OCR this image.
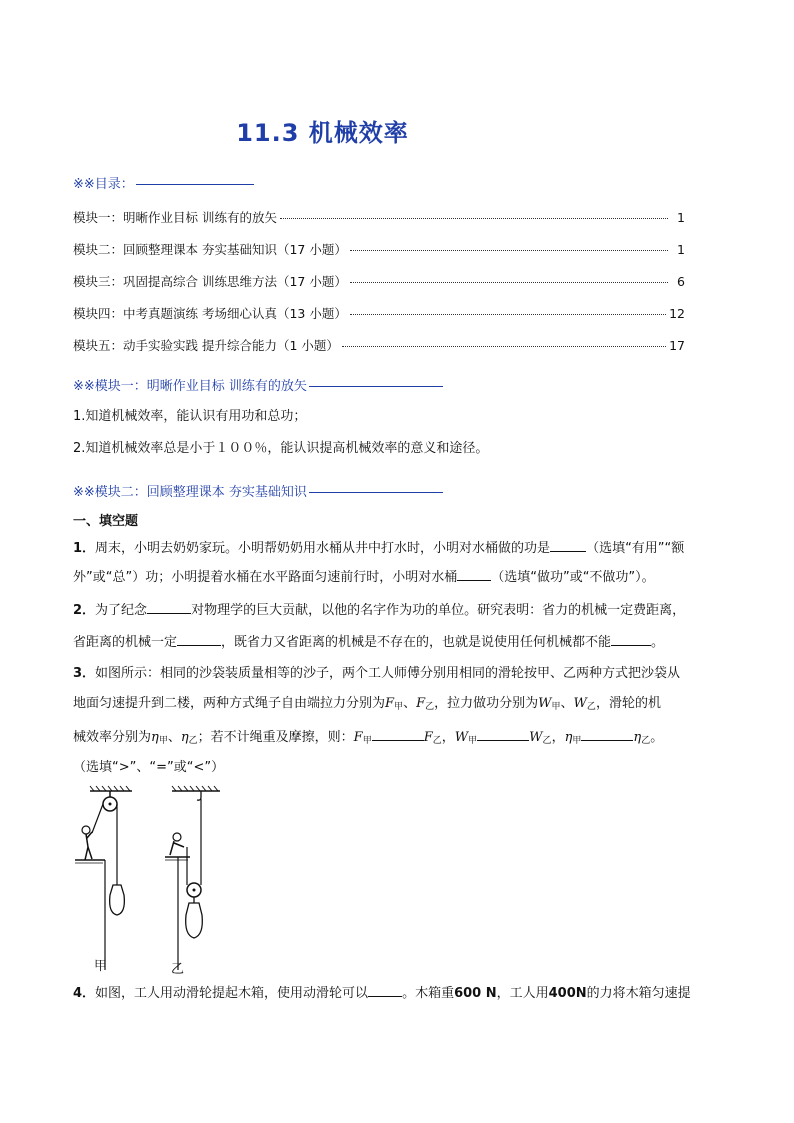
11.3 机械效率
※※目录：
模块一：明晰作业目标 训练有的放矢	1
模块二：回顾整理课本 夯实基础知识（17 小题）	1
模块三：巩固提高综合 训练思维方法（17 小题）	6
模块四：中考真题演练 考场细心认真（13 小题）	12
模块五：动手实验实践 提升综合能力（1 小题）	17
※※模块一：明晰作业目标 训练有的放矢
1.知道机械效率，能认识有用功和总功；
2.知道机械效率总是小于１００％，能认识提高机械效率的意义和途径。
※※模块二：回顾整理课本 夯实基础知识
一、填空题
1．周末，小明去奶奶家玩。小明帮奶奶用水桶从井中打水时，小明对水桶做的功是	（选填“有用”“额
外”或“总”）功；小明提着水桶在水平路面匀速前行时，小明对水桶	（选填“做功”或“不做功”）。
2．为了纪念	对物理学的巨大贡献，以他的名字作为功的单位。研究表明：省力的机械一定费距离，
省距离的机械一定	，既省力又省距离的机械是不存在的，也就是说使用任何机械都不能	。
3．如图所示：相同的沙袋装质量相等的沙子，两个工人师傅分别用相同的滑轮按甲、乙两种方式把沙袋从
地面匀速提升到二楼，两种方式绳子自由端拉力分别为$F_甲$、$F_乙$，拉力做功分别为$W_甲$、$W_乙$，滑轮的机
械效率分别为$\eta_甲$、$\eta_乙$；若不计绳重及摩擦，则：$F_甲$	$F_乙$，$W_甲$	$W_乙$，$\eta_甲$	$\eta_乙$。
（选填“>”、“=”或“<”）
甲	乙
4．如图，工人用动滑轮提起木箱，使用动滑轮可以	。木箱重600 N，工人用400N的力将木箱匀速提
